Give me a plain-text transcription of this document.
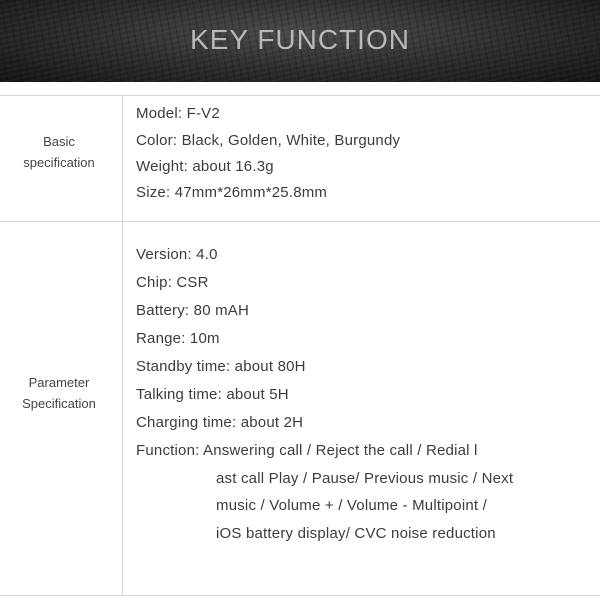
KEY FUNCTION
Basic
specification
Model: F-V2
Color: Black, Golden, White, Burgundy
Weight: about 16.3g
Size: 47mm*26mm*25.8mm
Parameter
Specification
Version: 4.0
Chip: CSR
Battery: 80 mAH
Range: 10m
Standby time: about 80H
Talking time: about 5H
Charging time: about 2H
Function: Answering call / Reject the call / Redial l
ast call Play / Pause/ Previous music / Next
music / Volume + / Volume - Multipoint /
iOS battery display/ CVC noise reduction
